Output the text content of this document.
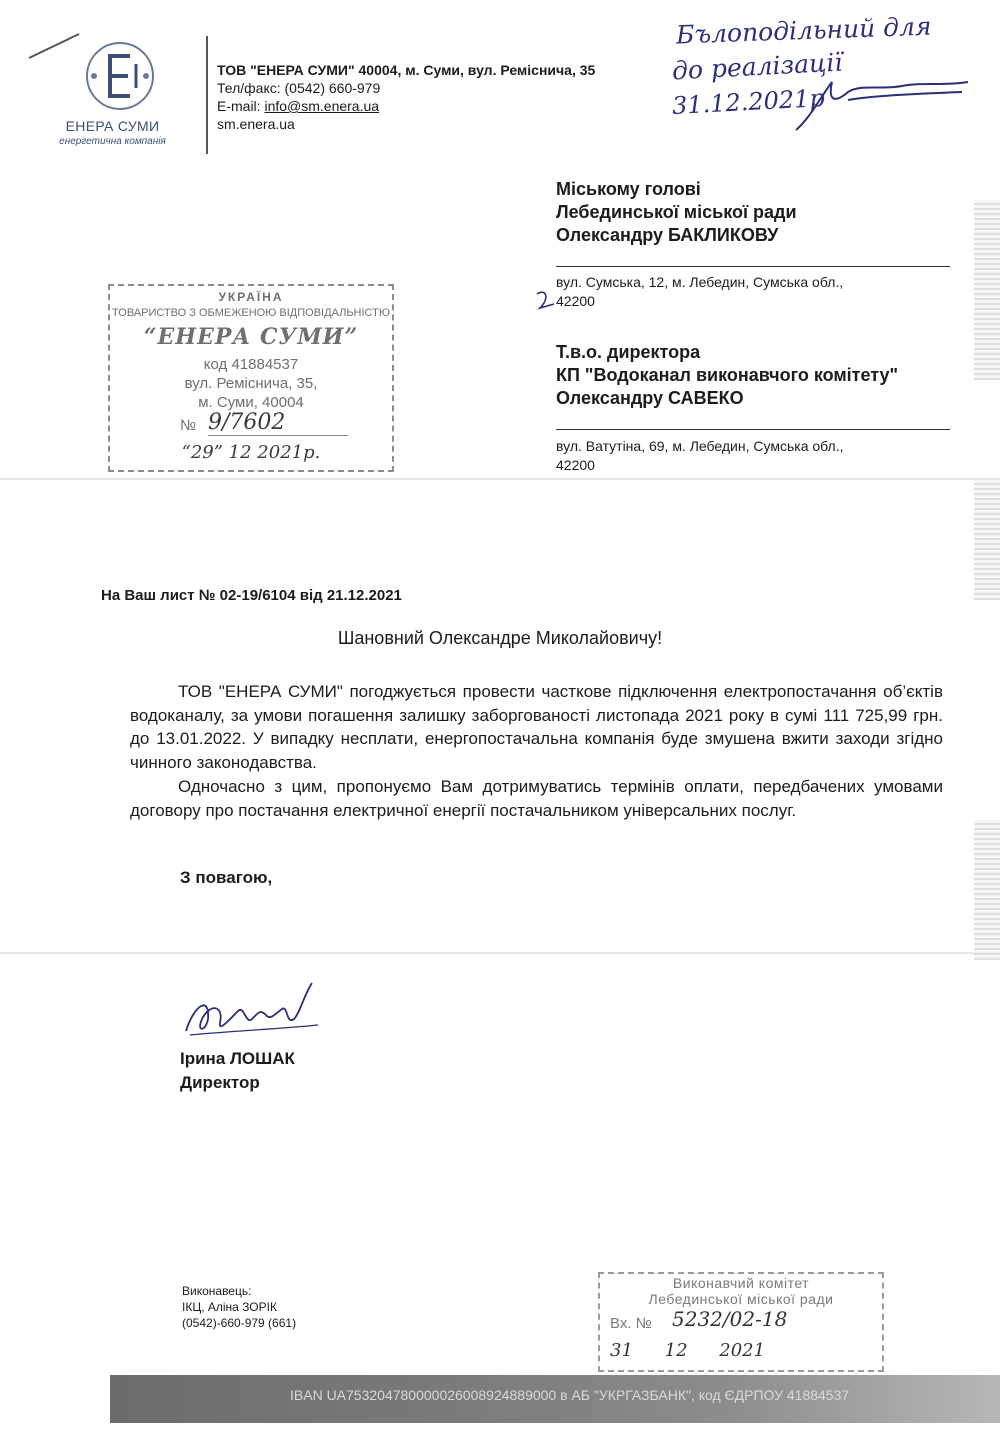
ЕНЕРА СУМИ
енергетична компанія
ТОВ "ЕНЕРА СУМИ" 40004, м. Суми, вул. Реміснича, 35
Тел/факс: (0542) 660-979
E-mail: info@sm.enera.ua
sm.enera.ua
Бълоподільний для
до реалізації
31.12.2021р
Міському голові
Лебединської міської ради
Олександру БАКЛИКОВУ
вул. Сумська, 12, м. Лебедин, Сумська обл.,
42200
Т.в.о. директора
КП "Водоканал виконавчого комітету"
Олександру САВЕКО
вул. Ватутіна, 69, м. Лебедин, Сумська обл.,
42200
УКРАЇНА
ТОВАРИСТВО З ОБМЕЖЕНОЮ ВІДПОВІДАЛЬНІСТЮ
“ЕНЕРА СУМИ”
код 41884537
вул. Реміснича, 35,
м. Суми, 40004
№ 9/7602
“29” 12 2021р.
На Ваш лист № 02-19/6104 від 21.12.2021
Шановний Олександре Миколайовичу!
ТОВ "ЕНЕРА СУМИ" погоджується провести часткове підключення електропостачання об’єктів водоканалу, за умови погашення залишку заборгованості листопада 2021 року в сумі 111 725,99 грн. до 13.01.2022. У випадку несплати, енергопостачальна компанія буде змушена вжити заходи згідно чинного законодавства.
Одночасно з цим, пропонуємо Вам дотримуватись термінів оплати, передбачених умовами договору про постачання електричної енергії постачальником універсальних послуг.
З повагою,
Ірина ЛОШАК
Директор
Виконавець:
ІКЦ, Аліна ЗОРІК
(0542)-660-979 (661)
Виконавчий комітет
Лебединської міської ради
Вх. № 5232/02-18
31 12 2021
IBAN UA753204780000026008924889000 в АБ "УКРГАЗБАНК", код ЄДРПОУ 41884537
